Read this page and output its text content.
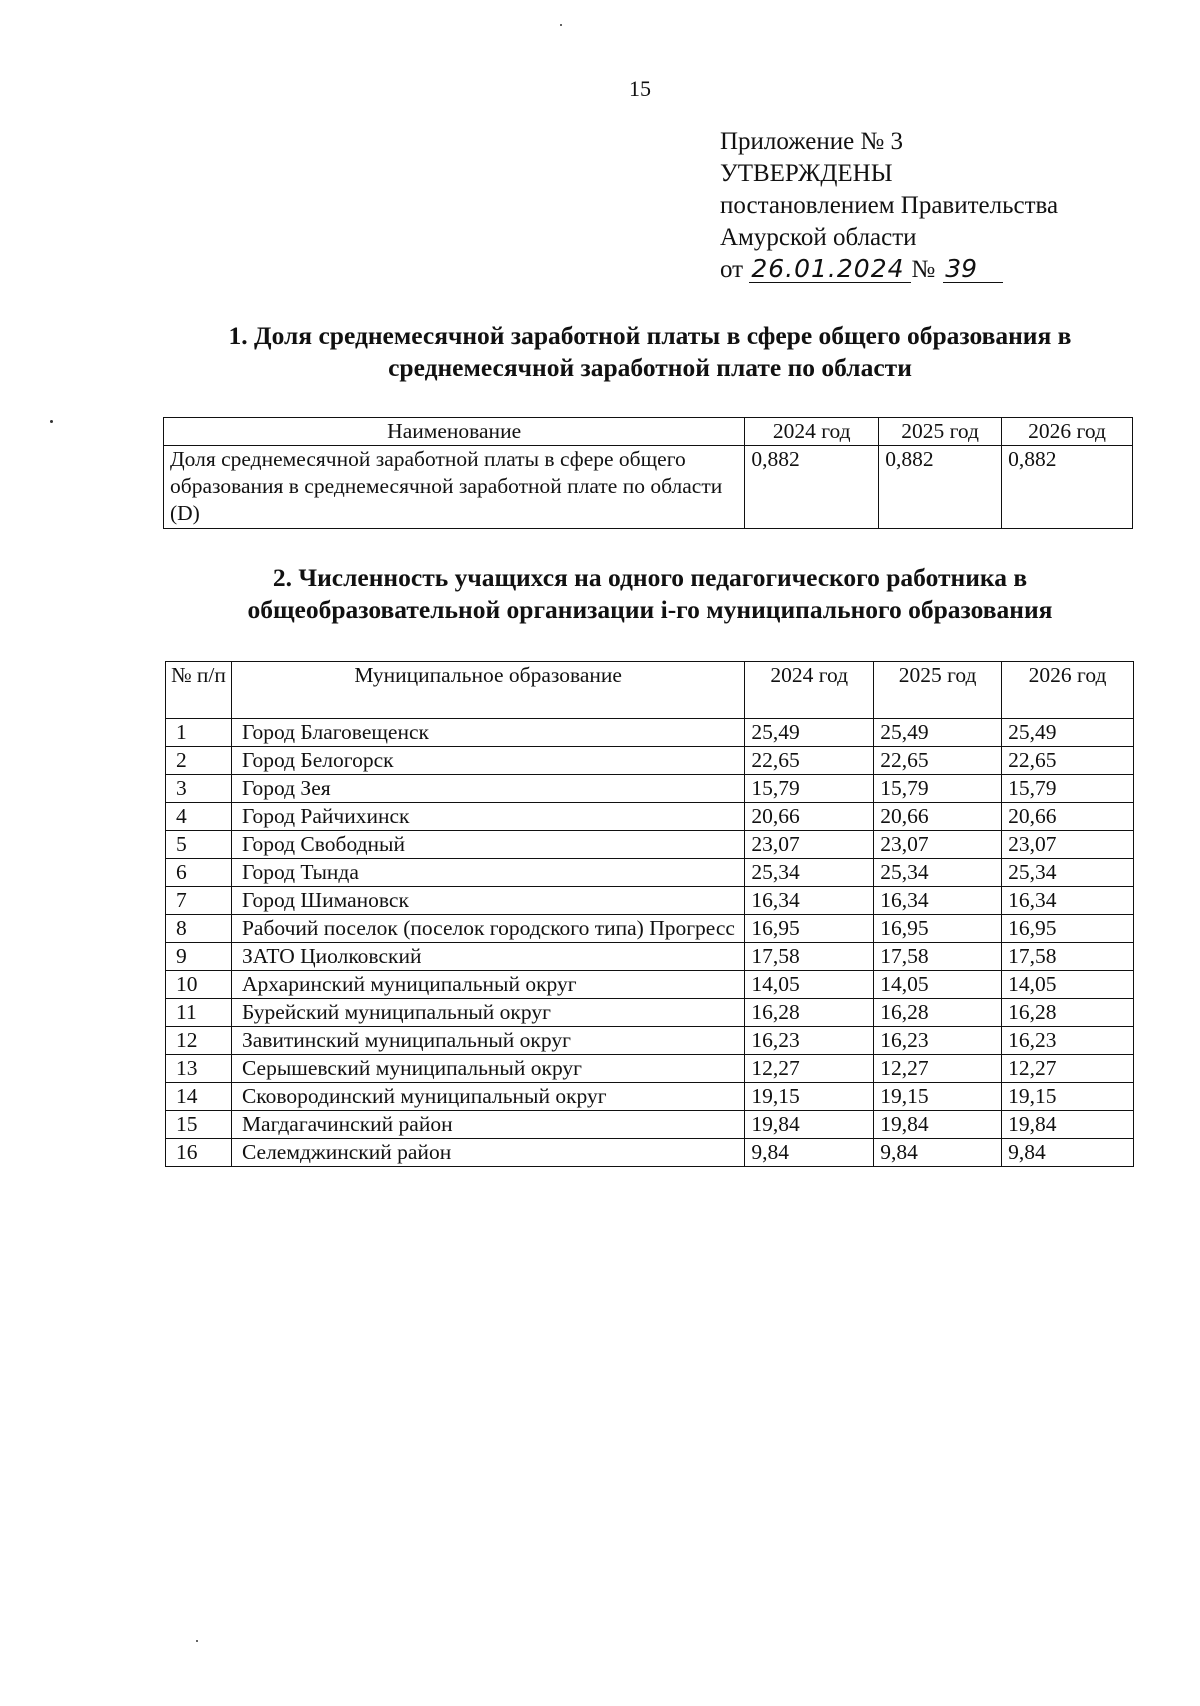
15
Приложение № 3
УТВЕРЖДЕНЫ
постановлением Правительства
Амурской области
от 26.01.2024 № 39
1. Доля среднемесячной заработной платы в сфере общего образования в среднемесячной заработной плате по области
Наименование	2024 год	2025 год	2026 год
Доля среднемесячной заработной платы в сфере общего образования в среднемесячной заработной плате по области (D)	0,882	0,882	0,882
2. Численность учащихся на одного педагогического работника в общеобразовательной организации i-го муниципального образования
№ п/п	Муниципальное образование	2024 год	2025 год	2026 год
1	Город Благовещенск	25,49	25,49	25,49
2	Город Белогорск	22,65	22,65	22,65
3	Город Зея	15,79	15,79	15,79
4	Город Райчихинск	20,66	20,66	20,66
5	Город Свободный	23,07	23,07	23,07
6	Город Тында	25,34	25,34	25,34
7	Город Шимановск	16,34	16,34	16,34
8	Рабочий поселок (поселок городского типа) Прогресс	16,95	16,95	16,95
9	ЗАТО Циолковский	17,58	17,58	17,58
10	Архаринский муниципальный округ	14,05	14,05	14,05
11	Бурейский муниципальный округ	16,28	16,28	16,28
12	Завитинский муниципальный округ	16,23	16,23	16,23
13	Серышевский муниципальный округ	12,27	12,27	12,27
14	Сковородинский муниципальный округ	19,15	19,15	19,15
15	Магдагачинский район	19,84	19,84	19,84
16	Селемджинский район	9,84	9,84	9,84
